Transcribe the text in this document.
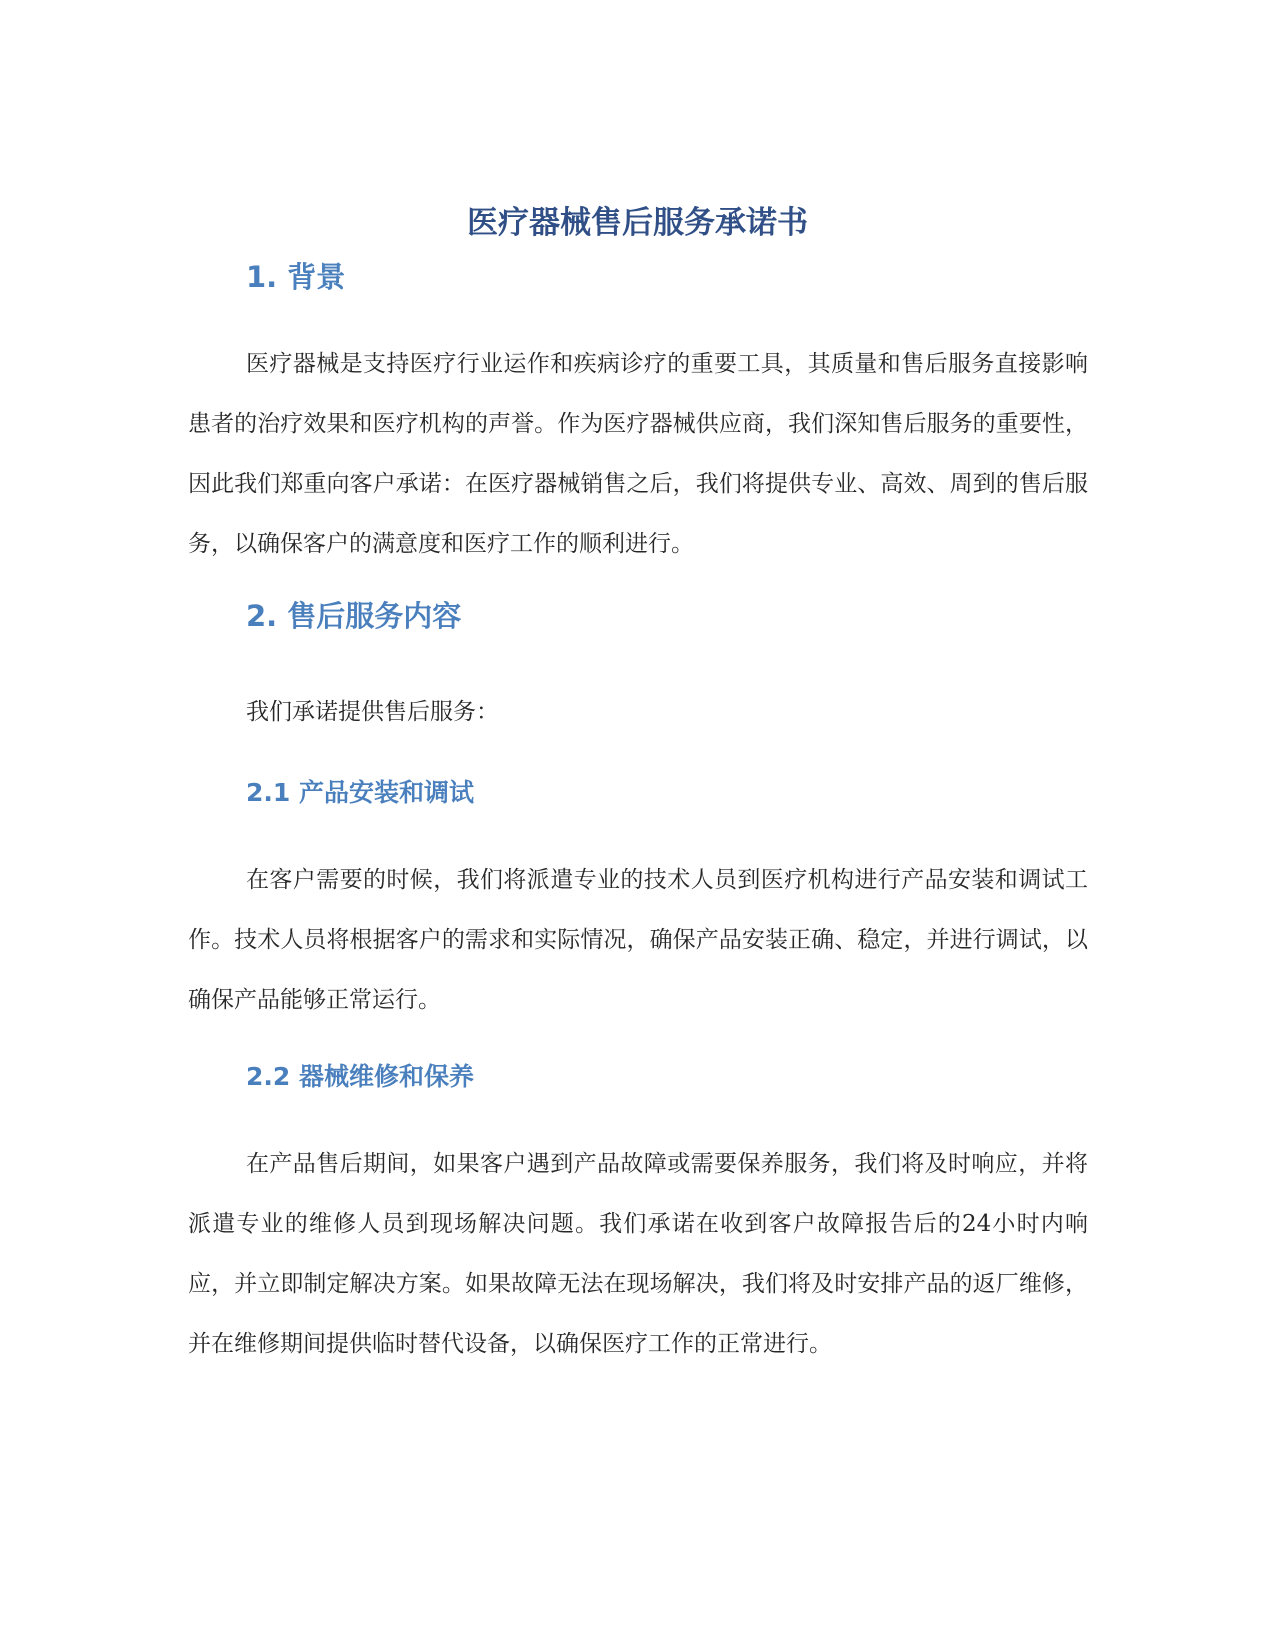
医疗器械售后服务承诺书
1. 背景

医疗器械是支持医疗行业运作和疾病诊疗的重要工具，其质量和售后服务直接影响患者的治疗效果和医疗机构的声誉。作为医疗器械供应商，我们深知售后服务的重要性，因此我们郑重向客户承诺：在医疗器械销售之后，我们将提供专业、高效、周到的售后服务，以确保客户的满意度和医疗工作的顺利进行。

2. 售后服务内容

我们承诺提供售后服务：

2.1 产品安装和调试

在客户需要的时候，我们将派遣专业的技术人员到医疗机构进行产品安装和调试工作。技术人员将根据客户的需求和实际情况，确保产品安装正确、稳定，并进行调试，以确保产品能够正常运行。

2.2 器械维修和保养

在产品售后期间，如果客户遇到产品故障或需要保养服务，我们将及时响应，并将派遣专业的维修人员到现场解决问题。我们承诺在收到客户故障报告后的24小时内响应，并立即制定解决方案。如果故障无法在现场解决，我们将及时安排产品的返厂维修，并在维修期间提供临时替代设备，以确保医疗工作的正常进行。
